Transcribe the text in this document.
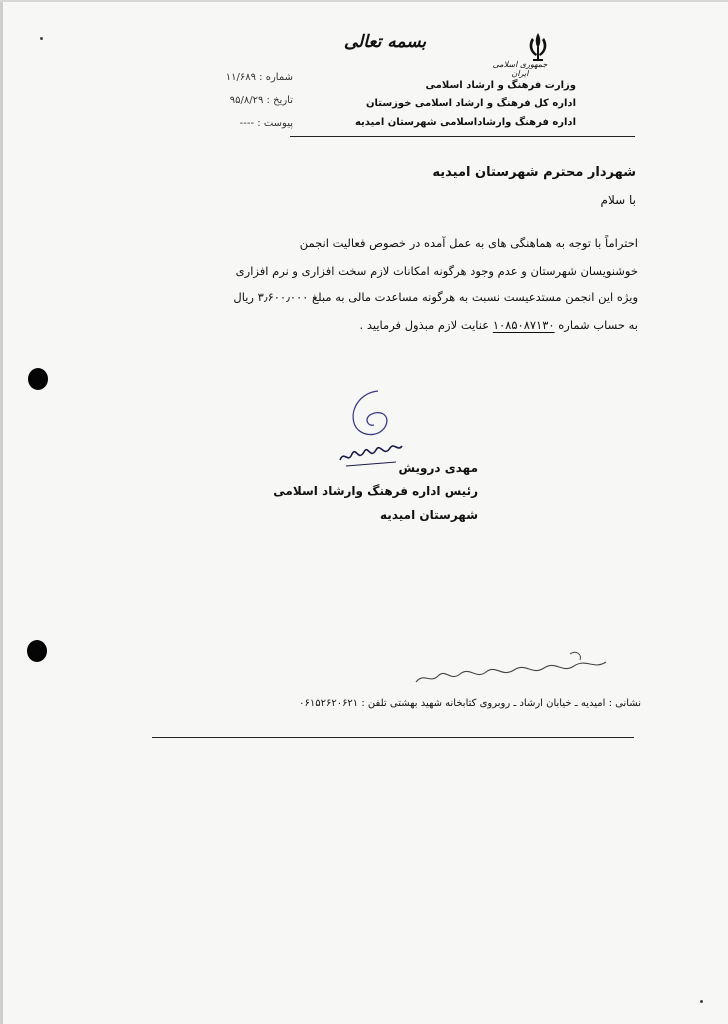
بسمه تعالی
جمهوری اسلامی ایران
وزارت فرهنگ و ارشاد اسلامی
اداره کل فرهنگ و ارشاد اسلامی خوزستان
اداره فرهنگ وارشاداسلامی شهرستان امیدیه
شماره : ۱۱/۶۸۹
تاریخ : ۹۵/۸/۲۹
پیوست : ----
شهردار محترم شهرستان امیدیه
با سلام
احتراماً با توجه به هماهنگی های به عمل آمده در خصوص فعالیت انجمن
خوشنویسان شهرستان و عدم وجود هرگونه امکانات لازم سخت افزاری و نرم افزاری
ویژه این انجمن مستدعیست نسبت به هرگونه مساعدت مالی به مبلغ ۳٫۶۰۰٫۰۰۰ ریال
به حساب شماره ۱۰۸۵۰۸۷۱۳۰ عنایت لازم مبذول فرمایید .
مهدی درویش
رئیس اداره فرهنگ وارشاد اسلامی
شهرستان امیدیه
نشانی : امیدیه ـ خیابان ارشاد ـ روبروی کتابخانه شهید بهشتی تلفن : ۰۶۱۵۲۶۲۰۶۲۱
